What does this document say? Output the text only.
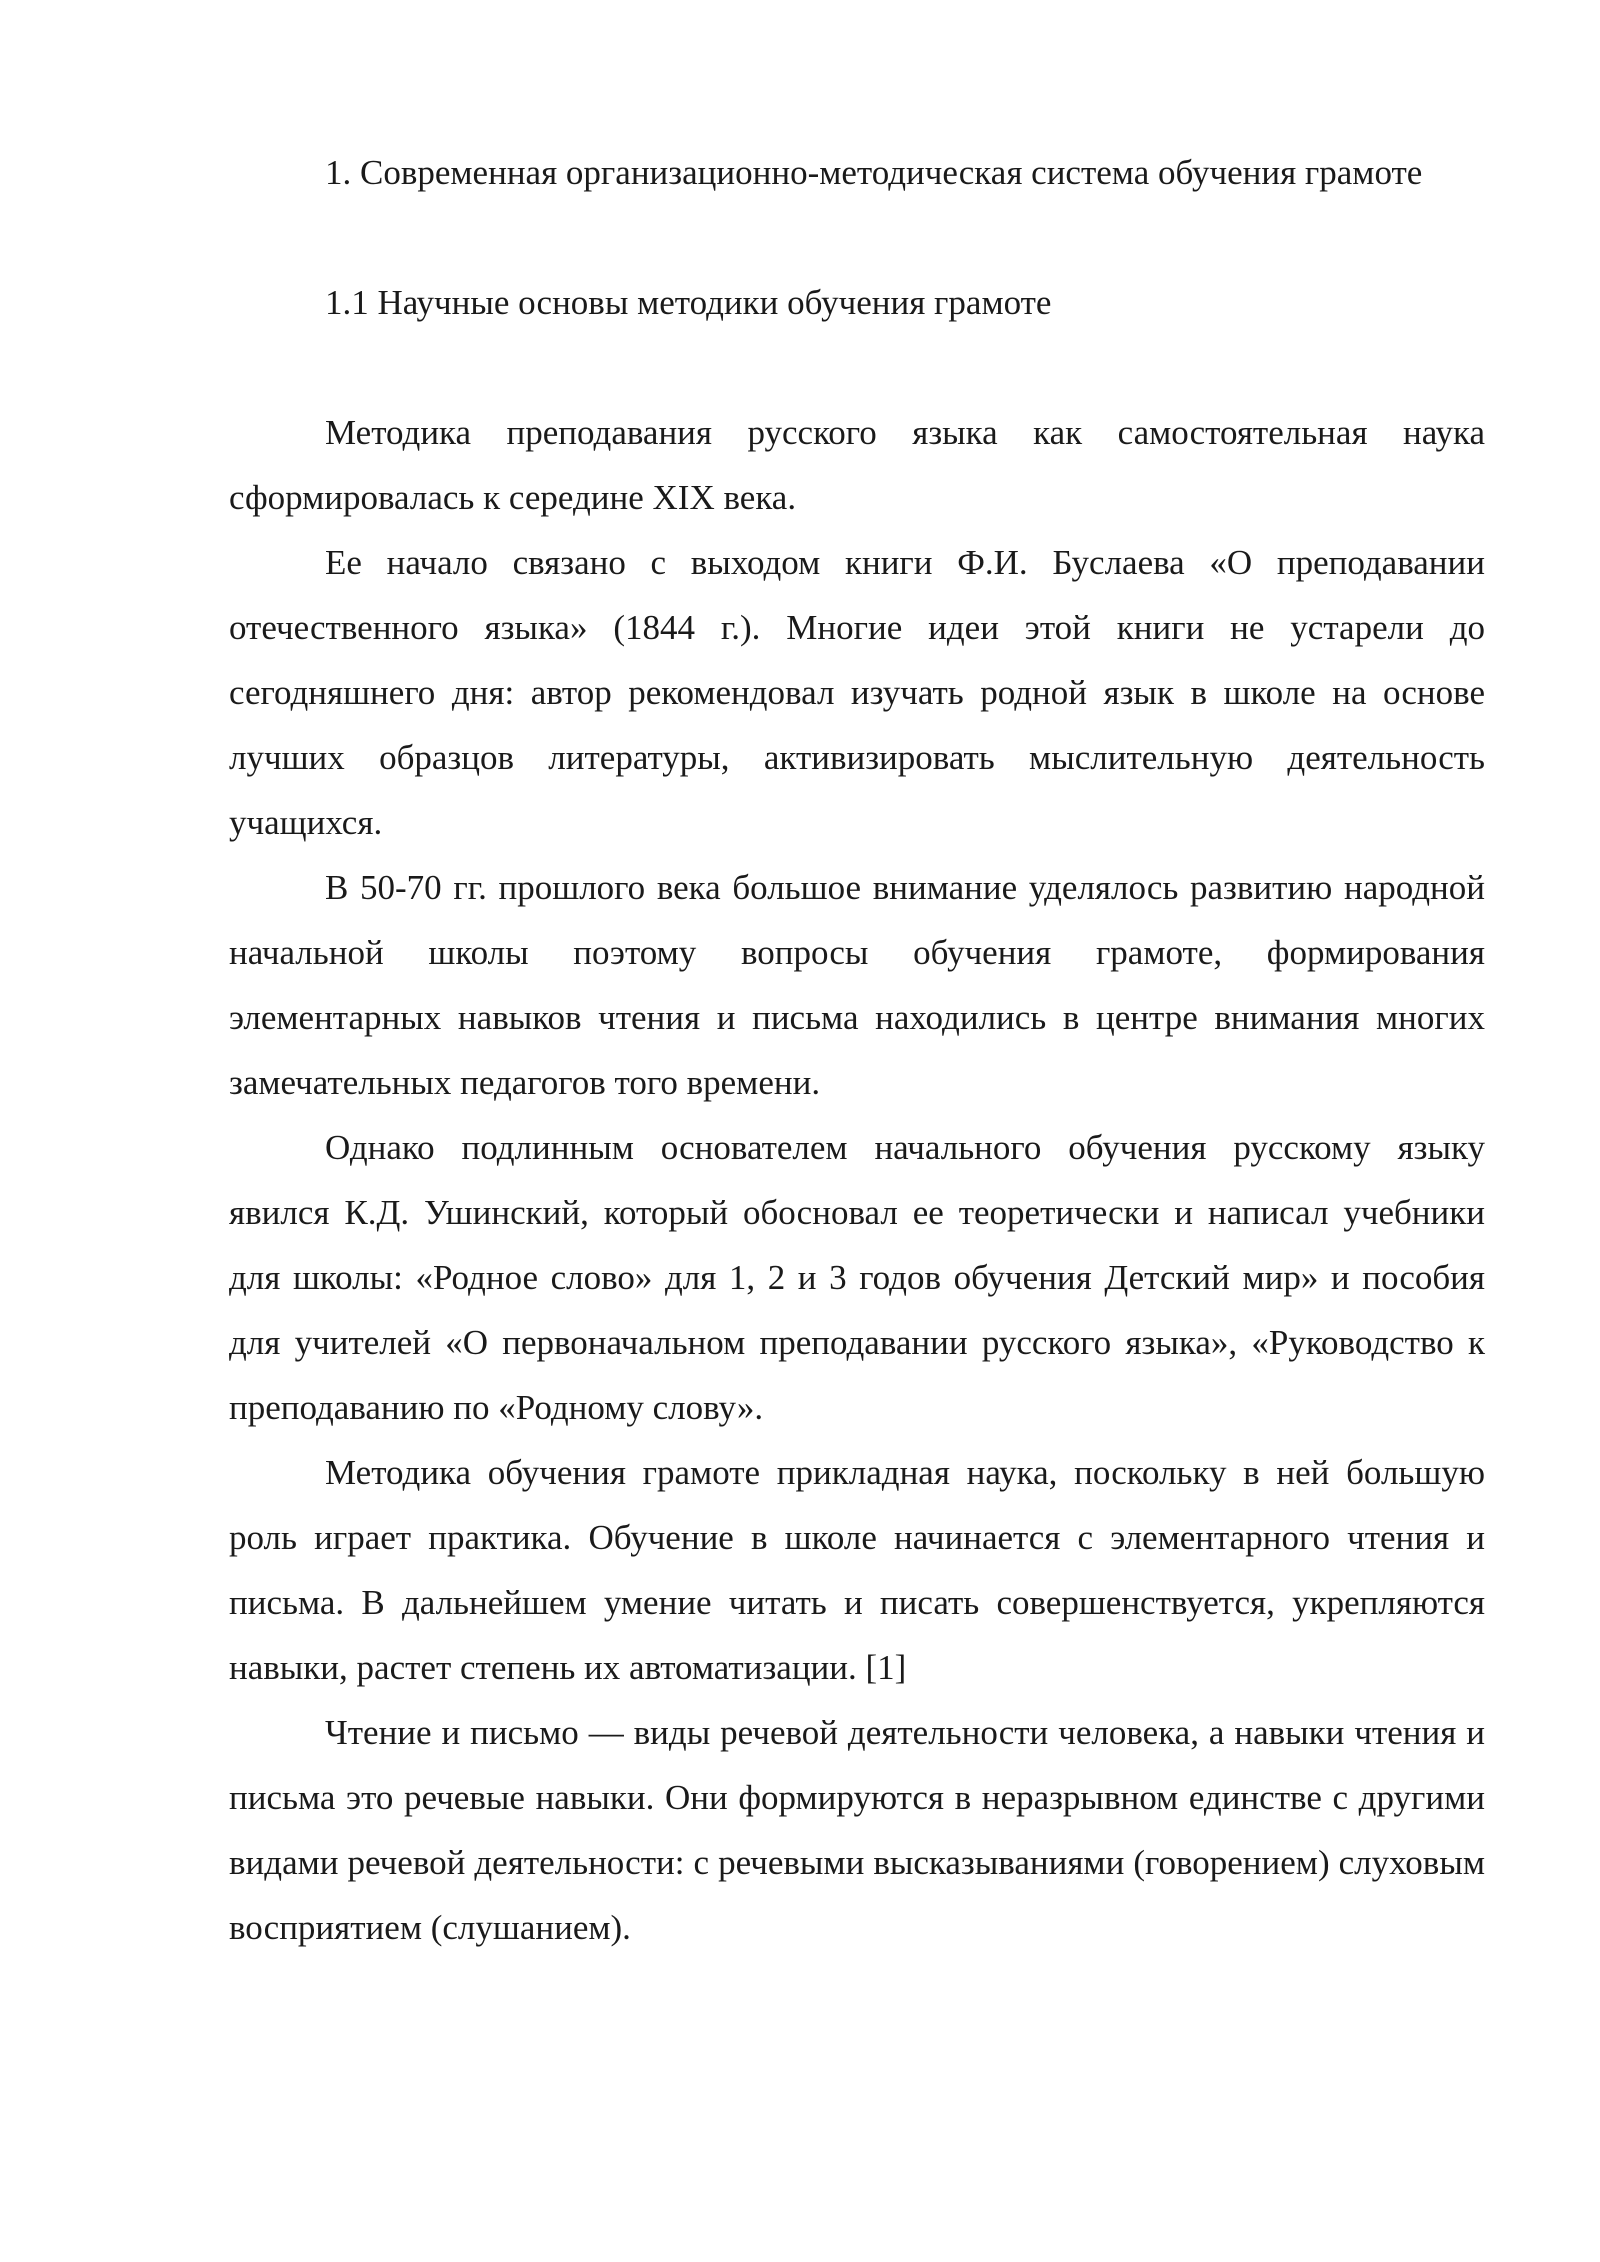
1. Современная организационно-методическая система обучения грамоте
1.1 Научные основы методики обучения грамоте

Методика преподавания русского языка как самостоятельная наука сформировалась к середине XIX века.

Ее начало связано с выходом книги Ф.И. Буслаева «О преподавании отечественного языка» (1844 г.). Многие идеи этой книги не устарели до сегодняшнего дня: автор рекомендовал изучать родной язык в школе на основе лучших образцов литературы, активизировать мыслительную деятельность учащихся.

В 50-70 гг. прошлого века большое внимание уделялось развитию народной начальной школы поэтому вопросы обучения грамоте, формирования элементарных навыков чтения и письма находились в центре внимания многих замечательных педагогов того времени.

Однако подлинным основателем начального обучения русскому языку явился К.Д. Ушинский, который обосновал ее теоретически и написал учебники для школы: «Родное слово» для 1, 2 и 3 годов обучения Детский мир» и пособия для учителей «О первоначальном преподавании русского языка», «Руководство к преподаванию по «Родному слову».

Методика обучения грамоте прикладная наука, поскольку в ней большую роль играет практика. Обучение в школе начинается с элементарного чтения и письма. В дальнейшем умение читать и писать совершенствуется, укрепляются навыки, растет степень их автоматизации. [1]

Чтение и письмо — виды речевой деятельности человека, а навыки чтения и письма это речевые навыки. Они формируются в неразрывном единстве с другими видами речевой деятельности: с речевыми высказываниями (говорением) слуховым восприятием (слушанием).
